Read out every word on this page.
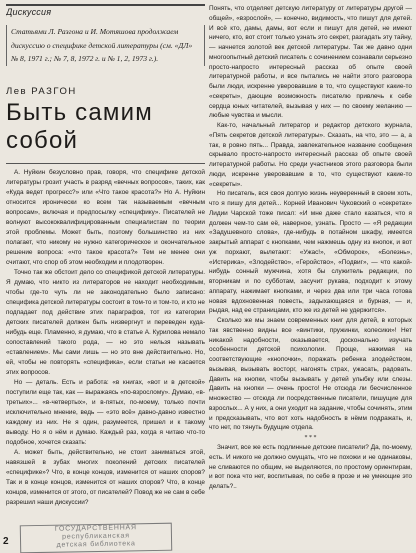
Дискуссия

Статьями Л. Разгона и И. Мотяшова продолжаем дискуссию о специфике детской литературы (см. «ДЛ» № 8, 1971 г.; № 7, 8, 1972 г. и № 1, 2, 1973 г.).

Лев РАЗГОН
Быть самим собой

А. Нуйкин безусловно прав, говоря, что специфике детской литературы грозит участь в разряд «вечных вопросов», таких, как «Куда ведет прогресс?» или «Что такое красота?» Но А. Нуйкин относится иронически ко всем так называемым «вечным вопросам», включая и предпосылку «специфику». Писателей не волнуют высококвалифицированным специалистам по теории этой проблемы. Может быть, поэтому большинство из них полагает, что никому не нужно категорическое и окончательное решение вопроса: «что такое красота?» Тем не менее они считают, что спор об этом необходим и плодотворен.

Точно так же обстоит дело со спецификой детской литературы. Я думаю, что никто из литераторов не находит необходимым, чтобы где-то чуть ли не законодательно было записано: специфика детской литературы состоит в том-то и том-то, и кто не подпадает под действие этих параграфов, тот из категории детских писателей должен быть низвергнут и переведен куда-нибудь еще. Пламенно, я думаю, что в статье А. Курилова немало сопоставлений такого рода, — но это нельзя называть «ставлением». Мы сами лишь — но это вне действительно. Но, ей, чтобы не повторять «специфика», если статьи не касается этих вопросов.

Но — деталь. Есть и работа: «в книгах, «вот и в детской» поступили еще так, как — выражаясь «по-взрослому». Думаю, «в-третьих»... «в-четвертых», и в-пятых, по-моему, только почти исключительно мнение, ведь — «это всё» давно-давно известно каждому из них. Не я один, разумеется, пришел и к такому выводу. Но я о нём и думаю. Каждый раз, когда я читаю что-то подобное, хочется сказать:

А. может быть, действительно, не стоит заниматься этой, навязшей в зубах многих поколений детских писателей «специфике»? Что, в конце концов, изменится от наших споров? Так и в конце концов, изменится от наших споров? Что, в конце концов, изменится от этого, от писателей? Повод же не сам в себе разрешил наши дискуссии?

Понять, что отделяет детскую литературу от литературы другой — общей», «взрослой», — конечно, видимость, что пишут для детей. И всё кто, дамы, дамы, вот если и пишут для детей, не имеют ничего, кто, вот стоит только узнать это секрет, разгадать эту тайну, — начнется золотой век детской литературы. Так же давно одни многоопытный детский писатель с сочинением сознавали серьезно просто-напросто интересный рассказ об опыте своей литературной работы, и все пытались не найти этого разговора были люди, искренне уверовавшие в то, что существуют какие-то «секреты», дающие возможность писателю привлечь к себе сердца юных читателей, вызывая у них — по своему желанию — любые чувства и мысли.

Как-то, начальный литератор и редактор детского журнала, «Пять секретов детской литературы». Сказать, на что, это — а, а так, в ровно пять... Правда, завлекательное название сообщения скрывало просто-напросто интересный рассказ об опыте своей литературной работы. Но среди участников этого разговора были люди, искренне уверовавшие в то, что существуют какие-то «секреты».

Но писатель, вся своя долгую жизнь неуверенный в своем хоть, что я пишу для детей... Корней Иванович Чуковский о «секретах» Лидии Чарской тоже писал: «И мне даже стало казаться, что я должен чем-то сам её, наверное, узнать. Просто — «Я редакции «Задушевного слова», где-нибудь в потайном шкафу, имеется закрытый аппарат с кнопками, чем нажмешь одну из кнопок, и вот уж порхают, вылетают: «Ужас!», «Обморок», «Болезнь», «Истерика», «Злодейство», «Геройство», «Подвиг», — что какой-нибудь сонный мужчина, хотя бы служитель редакции, по вторникам и по субботам, засучит рукава, подходит к этому аппарату, нажимает кнопками, и через два или три часа готова новая вдохновенная повесть, задыхающаяся и бурная, — и, рыдая, над ее страницами, кто же из детей не удержится».

Сколько же мы знаем современных книг для детей, в которых так явственно видны все «винтики, пружинки, колесики»! Нет никакой надобности, оказывается, досконально изучать особенности детской психологии. Проще, нажимая на соответствующие «кнопочки», поражать ребенка злодейством, вызывая, вызывать восторг, нагонять страх, ужасать, радовать. Давить на кнопки, чтобы вызывать у детей улыбку или слезы. Давить на кнопки — очень просто! Не отсюда ли бесчисленное множество — отсюда ли посредственные писатели, пишущие для взрослых... А у них, а они уходит на задание, чтобы сочинять, этим и предсказывать, что вот хоть надобность в нёмм подражать, и, что нет, по тянуть будущие отдела.

* * *

Значит, все же есть подлинные детские писатели? Да, по-моему, есть. И никого не должно смущать, что не похожи и не одинаковы, не сливаются по общим, не выделяются, по простому ориентирам, и вот пока что нет, воспитывая, по себе в прозе и не умеющие это делать?..

ГОСУДАРСТВЕННАЯ
республиканская
детская библиотека
2
